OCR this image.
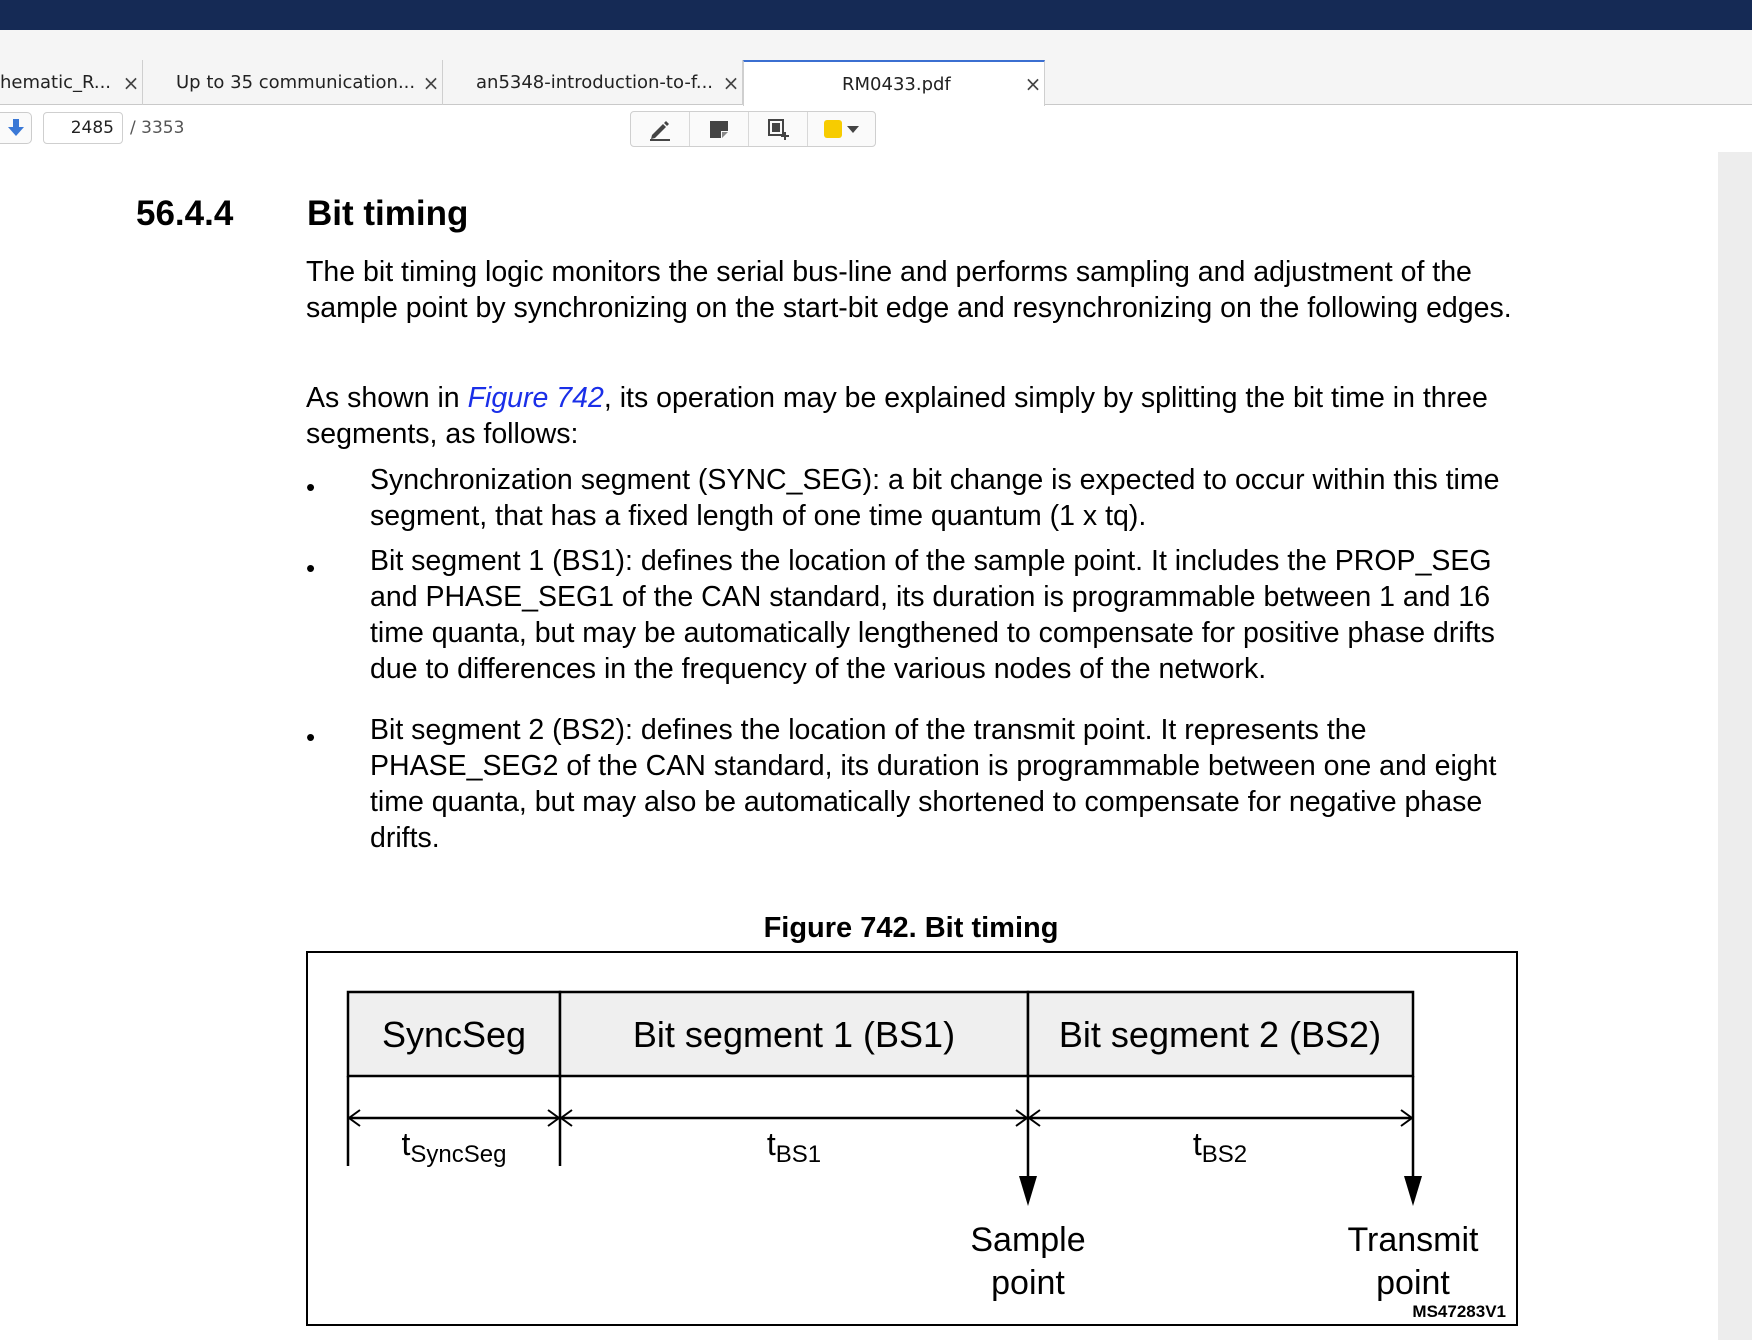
hematic_R... × Up to 35 communication... × an5348-introduction-to-f... ×	RM0433.pdf	×
2485 / 3353
56.4.4 Bit timing
The bit timing logic monitors the serial bus-line and performs sampling and adjustment of the sample point by synchronizing on the start-bit edge and resynchronizing on the following edges.
As shown in Figure 742, its operation may be explained simply by splitting the bit time in three segments, as follows:
• Synchronization segment (SYNC_SEG): a bit change is expected to occur within this time segment, that has a fixed length of one time quantum (1 x tq).
• Bit segment 1 (BS1): defines the location of the sample point. It includes the PROP_SEG and PHASE_SEG1 of the CAN standard, its duration is programmable between 1 and 16 time quanta, but may be automatically lengthened to compensate for positive phase drifts due to differences in the frequency of the various nodes of the network.
• Bit segment 2 (BS2): defines the location of the transmit point. It represents the PHASE_SEG2 of the CAN standard, its duration is programmable between one and eight time quanta, but may also be automatically shortened to compensate for negative phase drifts.
Figure 742. Bit timing
SyncSeg	Bit segment 1 (BS1)	Bit segment 2 (BS2)
$t_{SyncSeg}$	$t_{BS1}$	$t_{BS2}$
Sample
point
Transmit
point
MS47283V1
